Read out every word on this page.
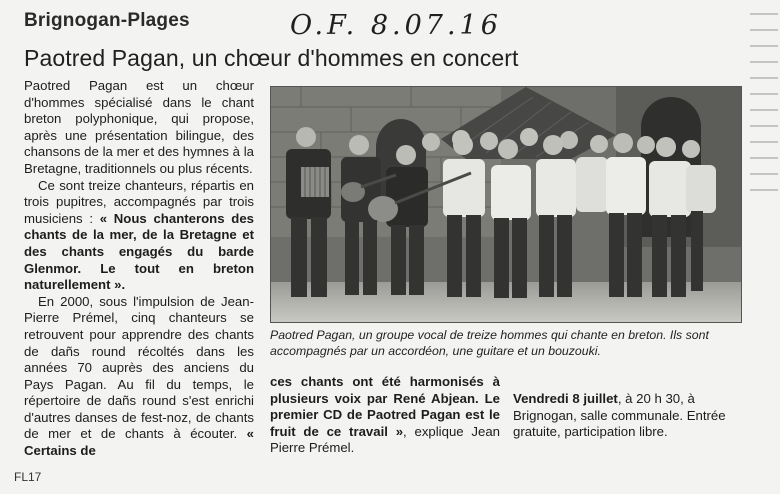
Brignogan-Plages	O.F. 8.07.16
Paotred Pagan, un chœur d'hommes en concert

Paotred Pagan est un chœur d'hommes spécialisé dans le chant breton polyphonique, qui propose, après une présentation bilingue, des chansons de la mer et des hymnes à la Bretagne, traditionnels ou plus récents.

Ce sont treize chanteurs, répartis en trois pupitres, accompagnés par trois musiciens : « Nous chanterons des chants de la mer, de la Bretagne et des chants engagés du barde Glenmor. Le tout en breton naturellement ».

En 2000, sous l'impulsion de Jean-Pierre Prémel, cinq chanteurs se retrouvent pour apprendre des chants de dañs round récoltés dans les années 70 auprès des anciens du Pays Pagan. Au fil du temps, le répertoire de dañs round s'est enrichi d'autres danses de fest-noz, de chants de mer et de chants à écouter. « Certains de

Paotred Pagan, un groupe vocal de treize hommes qui chante en breton. Ils sont accompagnés par un accordéon, une guitare et un bouzouki.
ces chants ont été harmonisés à plusieurs voix par René Abjean. Le premier CD de Paotred Pagan est le fruit de ce travail », explique Jean Pierre Prémel.
Vendredi 8 juillet, à 20 h 30, à Brignogan, salle communale. Entrée gratuite, participation libre.
FL17
